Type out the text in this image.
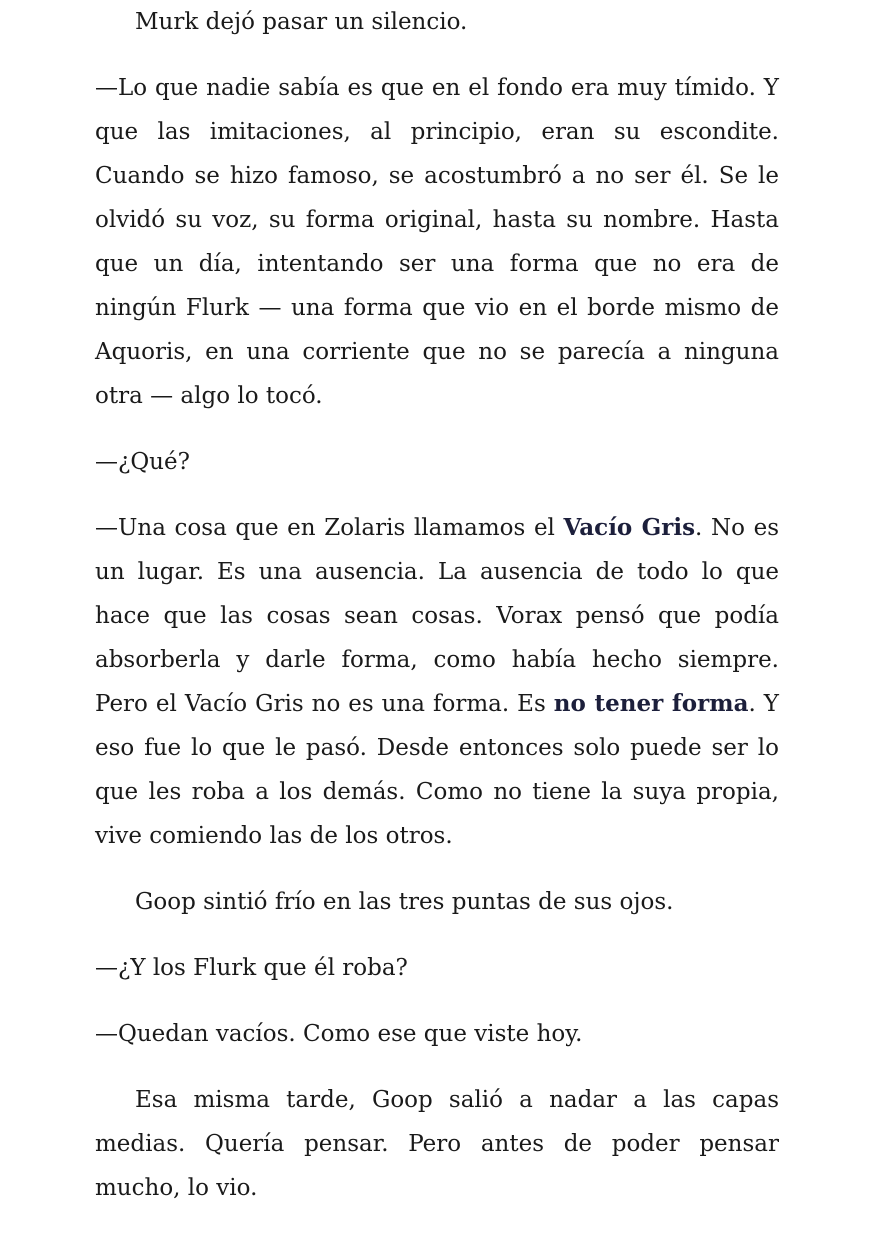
Murk dejó pasar un silencio.

—Lo que nadie sabía es que en el fondo era muy tímido. Y que las imitaciones, al principio, eran su escondite. Cuando se hizo famoso, se acostumbró a no ser él. Se le olvidó su voz, su forma original, hasta su nombre. Hasta que un día, intentando ser una forma que no era de ningún Flurk — una forma que vio en el borde mismo de Aquoris, en una corriente que no se parecía a ninguna otra — algo lo tocó.

—¿Qué?

—Una cosa que en Zolaris llamamos el Vacío Gris. No es un lugar. Es una ausencia. La ausencia de todo lo que hace que las cosas sean cosas. Vorax pensó que podía absorberla y darle forma, como había hecho siempre. Pero el Vacío Gris no es una forma. Es no tener forma. Y eso fue lo que le pasó. Desde entonces solo puede ser lo que les roba a los demás. Como no tiene la suya propia, vive comiendo las de los otros.

Goop sintió frío en las tres puntas de sus ojos.

—¿Y los Flurk que él roba?

—Quedan vacíos. Como ese que viste hoy.

Esa misma tarde, Goop salió a nadar a las capas medias. Quería pensar. Pero antes de poder pensar mucho, lo vio.
